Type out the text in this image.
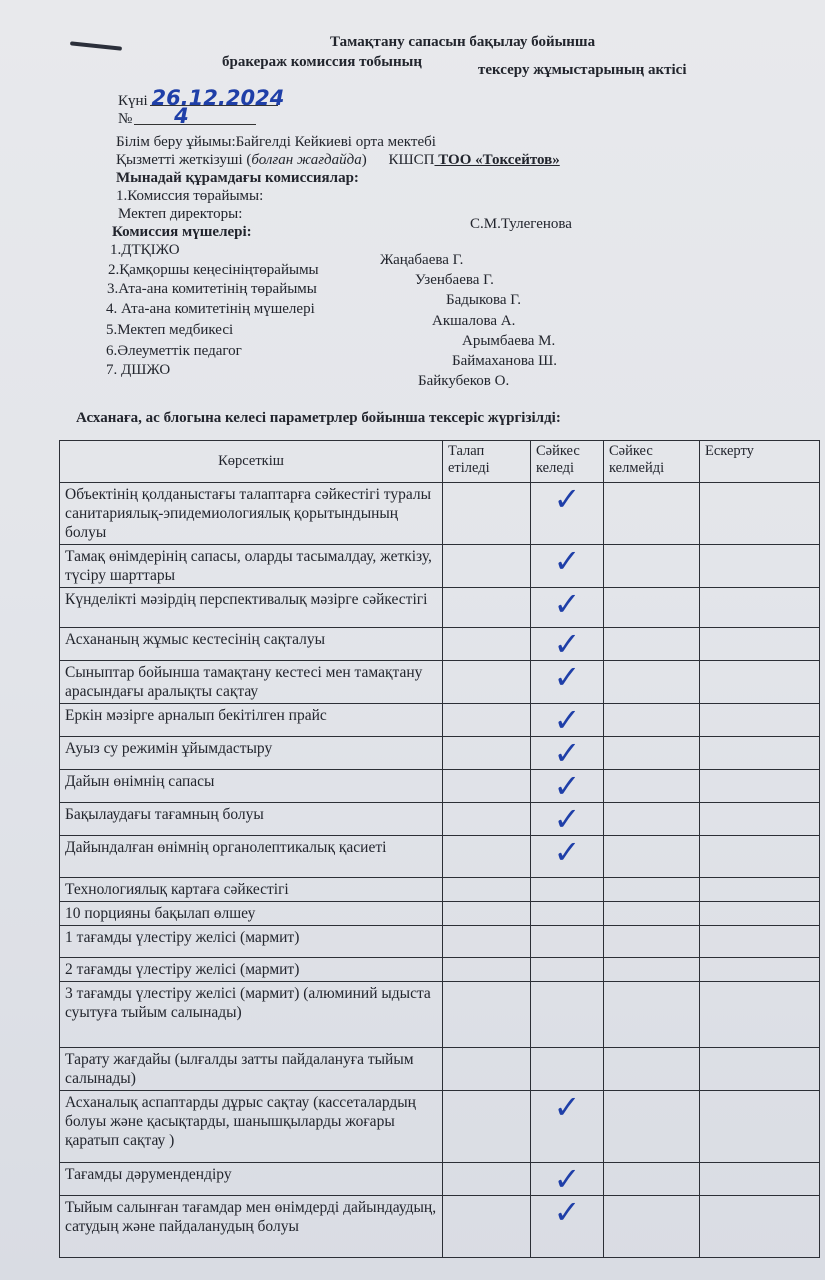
Тамақтану сапасын бақылау бойынша
бракераж комиссия тобының	тексеру жұмыстарының актісі
Күні 26.12.2024
№ 4
Білім беру ұйымы:Байгелді Кейкиеві орта мектебі
Қызметті жеткізуші (болған жағдайда) КШСП ТОО «Токсейтов»
Мынадай құрамдағы комиссиялар:
1.Комиссия төрайымы:
Мектеп директоры:
С.М.Тулегенова
Комиссия мүшелері:
1.ДТҚІЖО
Жаңабаева Г.
2.Қамқоршы кеңесініңтөрайымы
Узенбаева Г.
3.Ата-ана комитетінің төрайымы
Бадыкова Г.
4. Ата-ана комитетінің мүшелері
Акшалова А.
5.Мектеп медбикесі
Арымбаева М.
6.Әлеуметтік педагог
Баймаханова Ш.
7. ДШЖО
Байкубеков О.
Асханаға, ас блогына келесі параметрлер бойынша тексеріс жүргізілді:
Көрсеткіш	Талап етіледі	Сәйкес келеді	Сәйкес келмейді	Ескерту
Объектінің қолданыстағы талаптарға сәйкестігі туралы санитариялық-эпидемиологиялық қорытындының болуы		✓		

Тамақ өнімдерінің сапасы, оларды тасымалдау, жеткізу, түсіру шарттары		✓		

Күнделікті мәзірдің перспективалық мәзірге сәйкестігі		✓		

Асхананың жұмыс кестесінің сақталуы		✓		

Сыныптар бойынша тамақтану кестесі мен тамақтану арасындағы аралықты сақтау		✓		

Еркін мәзірге арналып бекітілген прайс		✓		

Ауыз су режимін ұйымдастыру		✓		

Дайын өнімнің сапасы		✓		

Бақылаудағы тағамның болуы		✓		

Дайындалған өнімнің органолептикалық қасиеті		✓		

Технологиялық картаға сәйкестігі				
10 порцияны бақылап өлшеу				
1 тағамды үлестіру желісі (мармит)				
2 тағамды үлестіру желісі (мармит)				
3 тағамды үлестіру желісі (мармит) (алюминий ыдыста суытуға тыйым салынады)				
Тарату жағдайы (ылғалды затты пайдалануға тыйым салынады)				
Асханалық аспаптарды дұрыс сақтау (кассеталардың болуы және қасықтарды, шанышқыларды жоғары қаратып сақтау )		✓		

Тағамды дәрумендендіру		✓		

Тыйым салынған тағамдар мен өнімдерді дайындаудың, сатудың және пайдаланудың болуы		✓		
